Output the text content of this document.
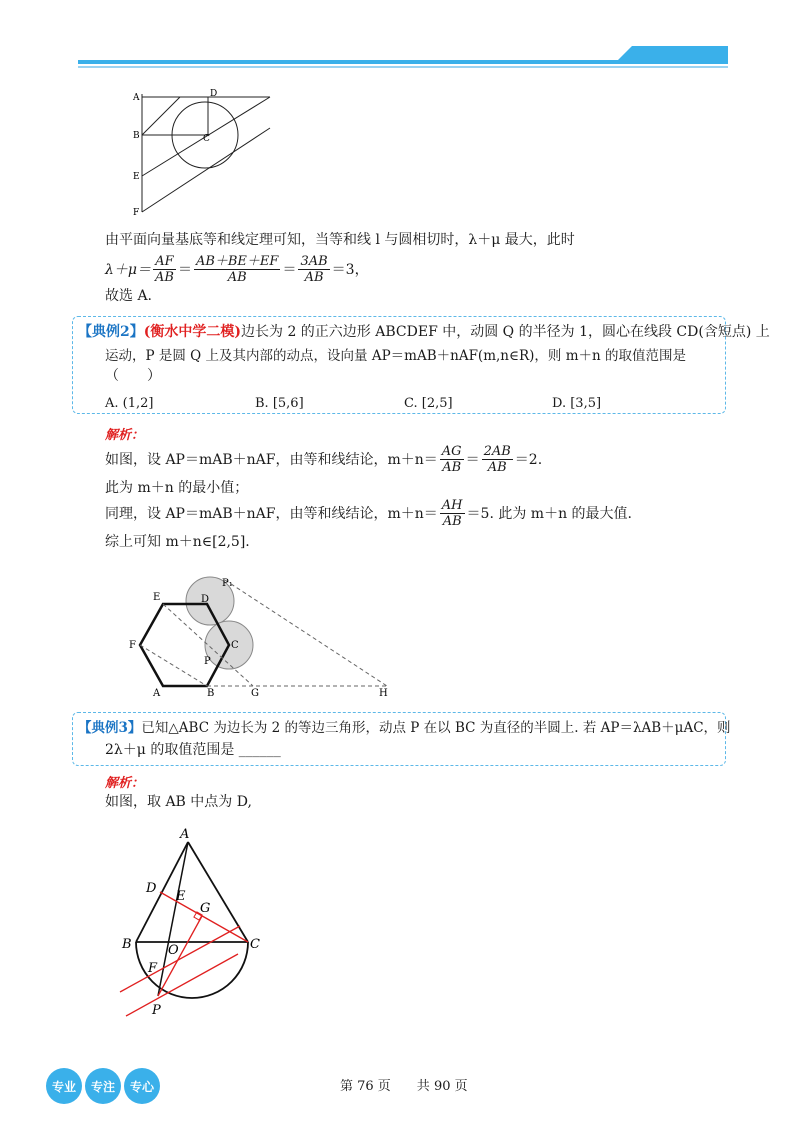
A	D
B	C
E
F
由平面向量基底等和线定理可知，当等和线 l 与圆相切时，λ＋μ 最大，此时
$\lambda+\mu= \frac{AF}{AB} = \frac{AB+BE+EF}{AB} = \frac{3AB}{AB} =3$，
故选 A.
【典例2】(衡水中学二模)边长为 2 的正六边形 ABCDEF 中，动圆 Q 的半径为 1，圆心在线段 CD(含短点) 上
运动，P 是圆 Q 上及其内部的动点，设向量 AP＝mAB＋nAF(m,n∈R)，则 m＋n 的取值范围是
（　　）
A. (1,2]	B. [5,6]	C. [2,5]	D. [3,5]
解析：
如图，设 AP＝mAB＋nAF，由等和线结论，$m+n= \frac{AG}{AB} = \frac{2AB}{AB} =2$.
此为 m＋n 的最小值；
同理，设 AP＝mAB＋nAF，由等和线结论，$m+n= \frac{AH}{AB} =5$. 此为 m＋n 的最大值.
综上可知 m＋n∈[2,5].
E	D
P₁
F	C
P
A	B	G	H
【典例3】已知△ABC 为边长为 2 的等边三角形，动点 P 在以 BC 为直径的半圆上. 若 AP＝λAB＋μAC，则
2λ＋μ 的取值范围是 ______
解析：
如图，取 AB 中点为 D,
A
D
E
G
B	O	C
F
P
专业	专注	专心	第 76 页　　共 90 页
